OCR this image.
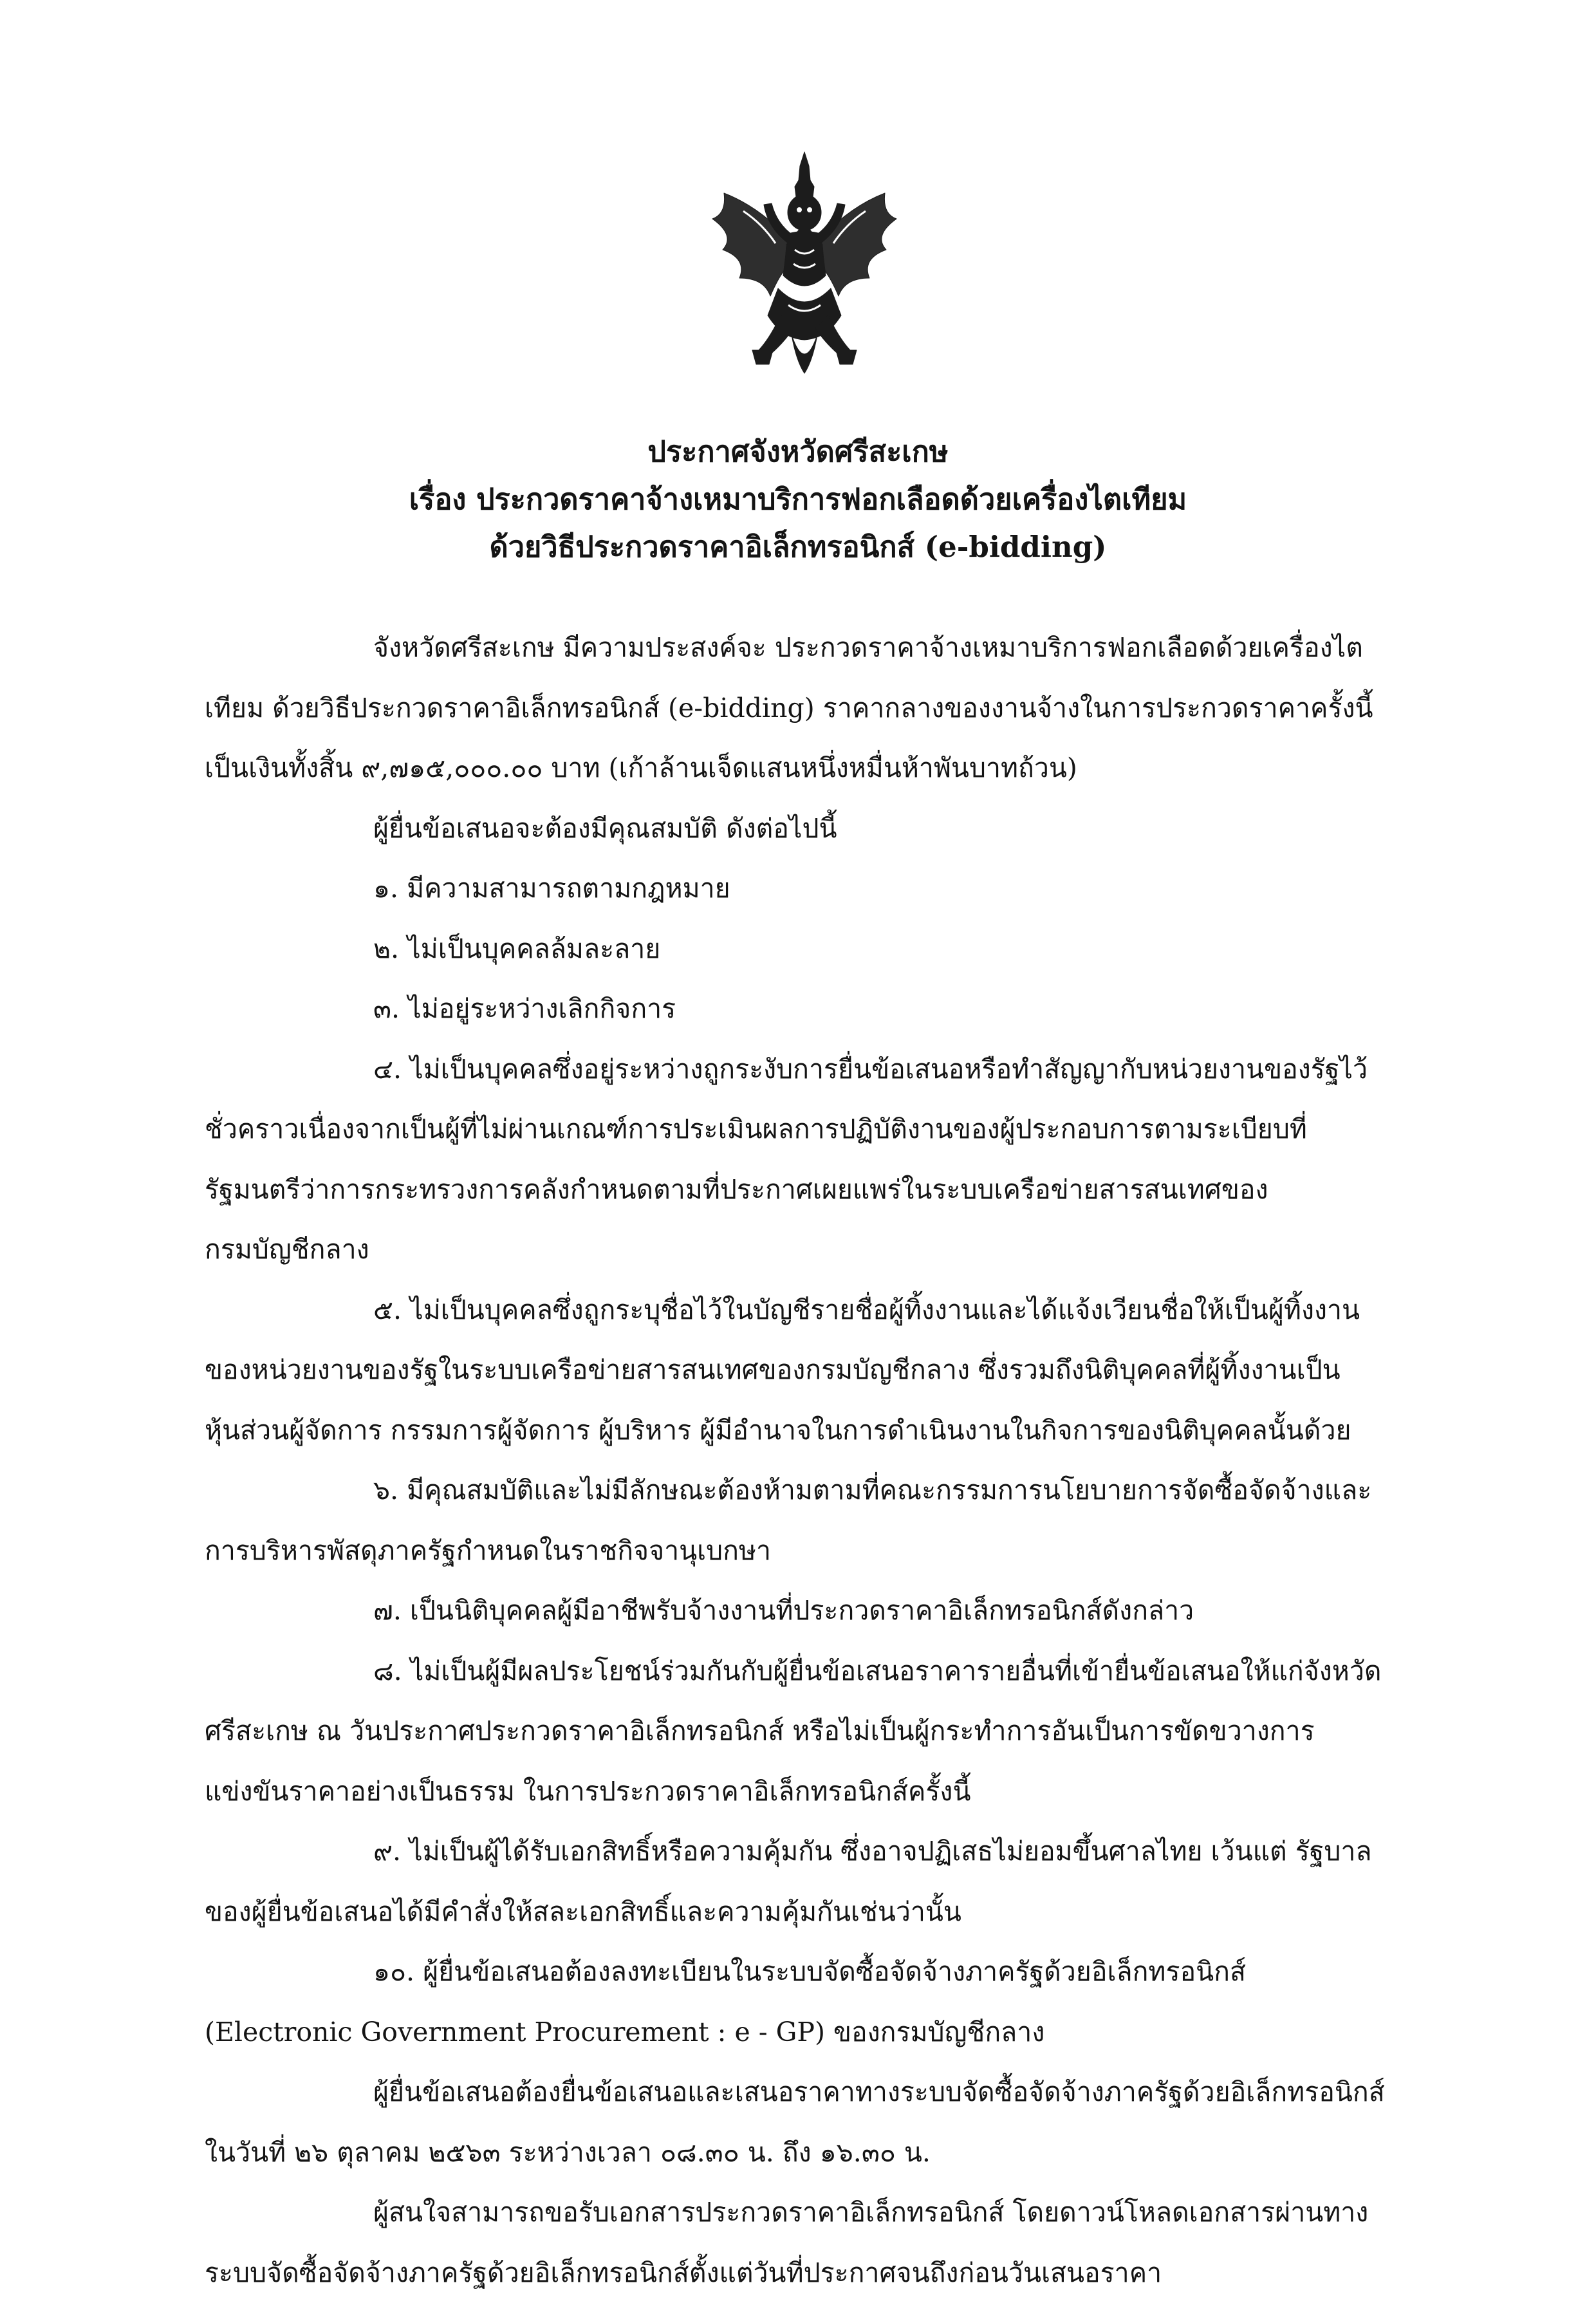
ประกาศจังหวัดศรีสะเกษ
เรื่อง ประกวดราคาจ้างเหมาบริการฟอกเลือดด้วยเครื่องไตเทียม
ด้วยวิธีประกวดราคาอิเล็กทรอนิกส์ (e-bidding)
จังหวัดศรีสะเกษ มีความประสงค์จะ ประกวดราคาจ้างเหมาบริการฟอกเลือดด้วยเครื่องไต
เทียม ด้วยวิธีประกวดราคาอิเล็กทรอนิกส์ (e-bidding) ราคากลางของงานจ้างในการประกวดราคาครั้งนี้
เป็นเงินทั้งสิ้น ๙,๗๑๕,๐๐๐.๐๐ บาท (เก้าล้านเจ็ดแสนหนึ่งหมื่นห้าพันบาทถ้วน)
ผู้ยื่นข้อเสนอจะต้องมีคุณสมบัติ ดังต่อไปนี้
๑. มีความสามารถตามกฎหมาย
๒. ไม่เป็นบุคคลล้มละลาย
๓. ไม่อยู่ระหว่างเลิกกิจการ
๔. ไม่เป็นบุคคลซึ่งอยู่ระหว่างถูกระงับการยื่นข้อเสนอหรือทำสัญญากับหน่วยงานของรัฐไว้
ชั่วคราวเนื่องจากเป็นผู้ที่ไม่ผ่านเกณฑ์การประเมินผลการปฏิบัติงานของผู้ประกอบการตามระเบียบที่
รัฐมนตรีว่าการกระทรวงการคลังกำหนดตามที่ประกาศเผยแพร่ในระบบเครือข่ายสารสนเทศของ
กรมบัญชีกลาง
๕. ไม่เป็นบุคคลซึ่งถูกระบุชื่อไว้ในบัญชีรายชื่อผู้ทิ้งงานและได้แจ้งเวียนชื่อให้เป็นผู้ทิ้งงาน
ของหน่วยงานของรัฐในระบบเครือข่ายสารสนเทศของกรมบัญชีกลาง ซึ่งรวมถึงนิติบุคคลที่ผู้ทิ้งงานเป็น
หุ้นส่วนผู้จัดการ กรรมการผู้จัดการ ผู้บริหาร ผู้มีอำนาจในการดำเนินงานในกิจการของนิติบุคคลนั้นด้วย
๖. มีคุณสมบัติและไม่มีลักษณะต้องห้ามตามที่คณะกรรมการนโยบายการจัดซื้อจัดจ้างและ
การบริหารพัสดุภาครัฐกำหนดในราชกิจจานุเบกษา
๗. เป็นนิติบุคคลผู้มีอาชีพรับจ้างงานที่ประกวดราคาอิเล็กทรอนิกส์ดังกล่าว
๘. ไม่เป็นผู้มีผลประโยชน์ร่วมกันกับผู้ยื่นข้อเสนอราคารายอื่นที่เข้ายื่นข้อเสนอให้แก่จังหวัด
ศรีสะเกษ ณ วันประกาศประกวดราคาอิเล็กทรอนิกส์ หรือไม่เป็นผู้กระทำการอันเป็นการขัดขวางการ
แข่งขันราคาอย่างเป็นธรรม ในการประกวดราคาอิเล็กทรอนิกส์ครั้งนี้
๙. ไม่เป็นผู้ได้รับเอกสิทธิ์หรือความคุ้มกัน ซึ่งอาจปฏิเสธไม่ยอมขึ้นศาลไทย เว้นแต่ รัฐบาล
ของผู้ยื่นข้อเสนอได้มีคำสั่งให้สละเอกสิทธิ์และความคุ้มกันเช่นว่านั้น
๑๐. ผู้ยื่นข้อเสนอต้องลงทะเบียนในระบบจัดซื้อจัดจ้างภาครัฐด้วยอิเล็กทรอนิกส์
(Electronic Government Procurement : e - GP) ของกรมบัญชีกลาง
ผู้ยื่นข้อเสนอต้องยื่นข้อเสนอและเสนอราคาทางระบบจัดซื้อจัดจ้างภาครัฐด้วยอิเล็กทรอนิกส์
ในวันที่ ๒๖ ตุลาคม ๒๕๖๓ ระหว่างเวลา ๐๘.๓๐ น. ถึง ๑๖.๓๐ น.
ผู้สนใจสามารถขอรับเอกสารประกวดราคาอิเล็กทรอนิกส์ โดยดาวน์โหลดเอกสารผ่านทาง
ระบบจัดซื้อจัดจ้างภาครัฐด้วยอิเล็กทรอนิกส์ตั้งแต่วันที่ประกาศจนถึงก่อนวันเสนอราคา
